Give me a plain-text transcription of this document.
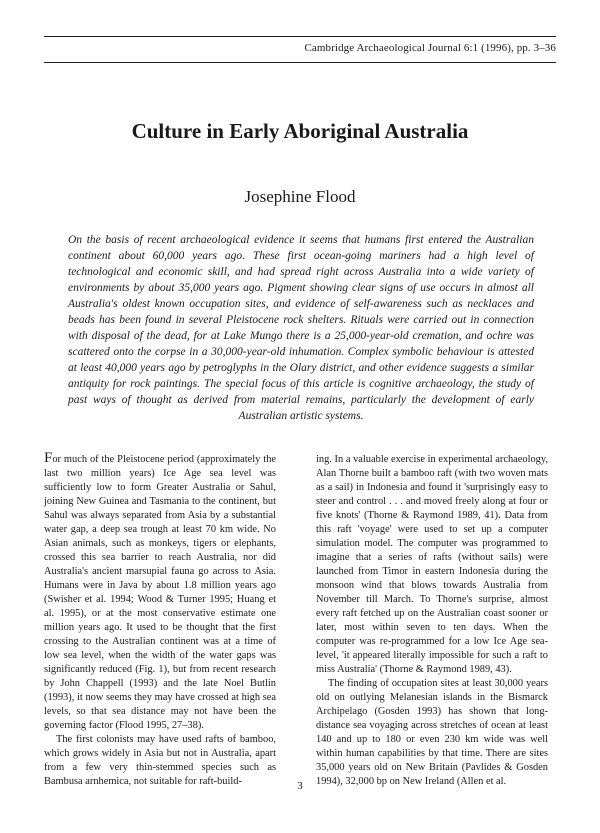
Cambridge Archaeological Journal 6:1 (1996), pp. 3–36
Culture in Early Aboriginal Australia
Josephine Flood

On the basis of recent archaeological evidence it seems that humans first entered the Australian continent about 60,000 years ago. These first ocean-going mariners had a high level of technological and economic skill, and had spread right across Australia into a wide variety of environments by about 35,000 years ago. Pigment showing clear signs of use occurs in almost all Australia's oldest known occupation sites, and evidence of self-awareness such as necklaces and beads has been found in several Pleistocene rock shelters. Rituals were carried out in connection with disposal of the dead, for at Lake Mungo there is a 25,000-year-old cremation, and ochre was scattered onto the corpse in a 30,000-year-old inhumation. Complex symbolic behaviour is attested at least 40,000 years ago by petroglyphs in the Olary district, and other evidence suggests a similar antiquity for rock paintings. The special focus of this article is cognitive archaeology, the study of past ways of thought as derived from material remains, particularly the development of early Australian artistic systems.

For much of the Pleistocene period (approximately the last two million years) Ice Age sea level was sufficiently low to form Greater Australia or Sahul, joining New Guinea and Tasmania to the continent, but Sahul was always separated from Asia by a substantial water gap, a deep sea trough at least 70 km wide. No Asian animals, such as monkeys, tigers or elephants, crossed this sea barrier to reach Australia, nor did Australia's ancient marsupial fauna go across to Asia. Humans were in Java by about 1.8 million years ago (Swisher et al. 1994; Wood & Turner 1995; Huang et al. 1995), or at the most conservative estimate one million years ago. It used to be thought that the first crossing to the Australian continent was at a time of low sea level, when the width of the water gaps was significantly reduced (Fig. 1), but from recent research by John Chappell (1993) and the late Noel Butlin (1993), it now seems they may have crossed at high sea levels, so that sea distance may not have been the governing factor (Flood 1995, 27–38).

The first colonists may have used rafts of bamboo, which grows widely in Asia but not in Australia, apart from a few very thin-stemmed species such as Bambusa arnhemica, not suitable for raft-build-

ing. In a valuable exercise in experimental archaeology, Alan Thorne built a bamboo raft (with two woven mats as a sail) in Indonesia and found it 'surprisingly easy to steer and control . . . and moved freely along at four or five knots' (Thorne & Raymond 1989, 41). Data from this raft 'voyage' were used to set up a computer simulation model. The computer was programmed to imagine that a series of rafts (without sails) were launched from Timor in eastern Indonesia during the monsoon wind that blows towards Australia from November till March. To Thorne's surprise, almost every raft fetched up on the Australian coast sooner or later, most within seven to ten days. When the computer was re-programmed for a low Ice Age sea-level, 'it appeared literally impossible for such a raft to miss Australia' (Thorne & Raymond 1989, 43).

The finding of occupation sites at least 30,000 years old on outlying Melanesian islands in the Bismarck Archipelago (Gosden 1993) has shown that long-distance sea voyaging across stretches of ocean at least 140 and up to 180 or even 230 km wide was well within human capabilities by that time. There are sites 35,000 years old on New Britain (Pavlides & Gosden 1994), 32,000 bp on New Ireland (Allen et al.

3
